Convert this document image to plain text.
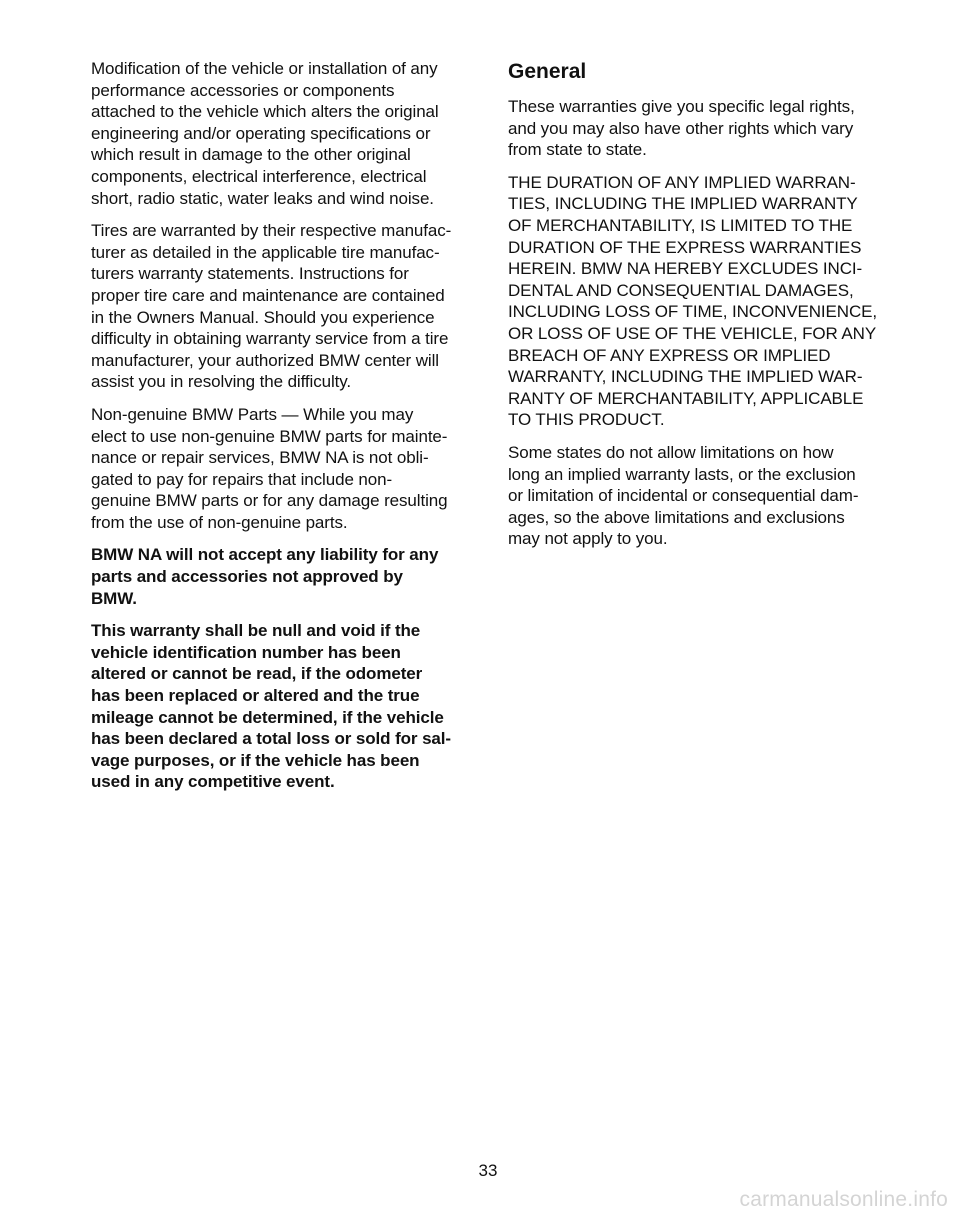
Modification of the vehicle or installation of any
performance accessories or components
attached to the vehicle which alters the original
engineering and/or operating specifications or
which result in damage to the other original
components, electrical interference, electrical
short, radio static, water leaks and wind noise.

Tires are warranted by their respective manufac-
turer as detailed in the applicable tire manufac-
turers warranty statements. Instructions for
proper tire care and maintenance are contained
in the Owners Manual. Should you experience
difficulty in obtaining warranty service from a tire
manufacturer, your authorized BMW center will
assist you in resolving the difficulty.

Non-genuine BMW Parts — While you may
elect to use non-genuine BMW parts for mainte-
nance or repair services, BMW NA is not obli-
gated to pay for repairs that include non-
genuine BMW parts or for any damage resulting
from the use of non-genuine parts.

BMW NA will not accept any liability for any
parts and accessories not approved by
BMW.

This warranty shall be null and void if the
vehicle identification number has been
altered or cannot be read, if the odometer
has been replaced or altered and the true
mileage cannot be determined, if the vehicle
has been declared a total loss or sold for sal-
vage purposes, or if the vehicle has been
used in any competitive event.

General

These warranties give you specific legal rights,
and you may also have other rights which vary
from state to state.

THE DURATION OF ANY IMPLIED WARRAN-
TIES, INCLUDING THE IMPLIED WARRANTY
OF MERCHANTABILITY, IS LIMITED TO THE
DURATION OF THE EXPRESS WARRANTIES
HEREIN. BMW NA HEREBY EXCLUDES INCI-
DENTAL AND CONSEQUENTIAL DAMAGES,
INCLUDING LOSS OF TIME, INCONVENIENCE,
OR LOSS OF USE OF THE VEHICLE, FOR ANY
BREACH OF ANY EXPRESS OR IMPLIED
WARRANTY, INCLUDING THE IMPLIED WAR-
RANTY OF MERCHANTABILITY, APPLICABLE
TO THIS PRODUCT.

Some states do not allow limitations on how
long an implied warranty lasts, or the exclusion
or limitation of incidental or consequential dam-
ages, so the above limitations and exclusions
may not apply to you.

33
carmanualsonline.info
